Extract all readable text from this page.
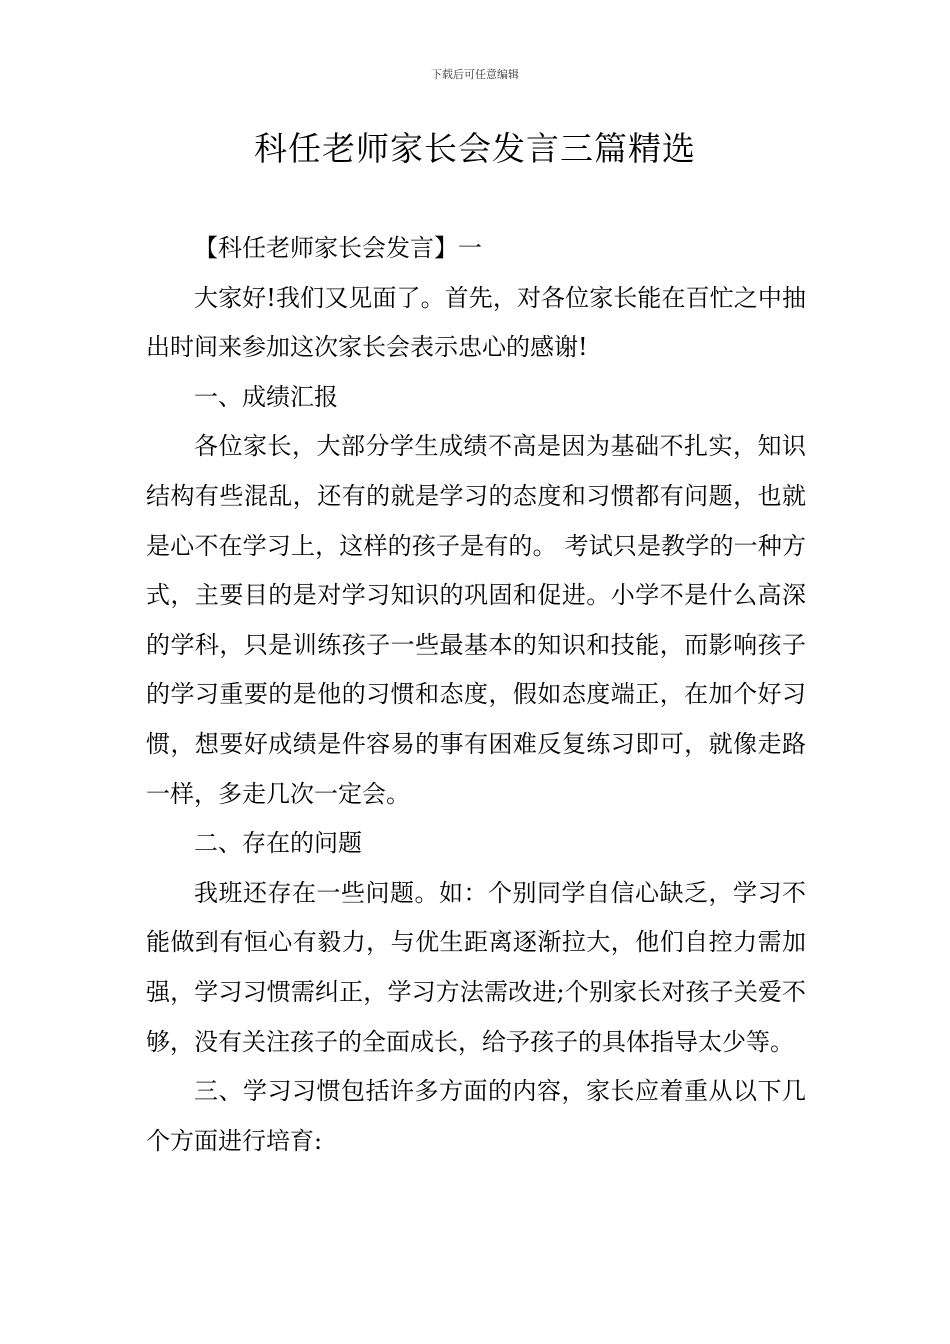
下载后可任意编辑
科任老师家长会发言三篇精选

【科任老师家长会发言】一

大家好!我们又见面了。首先，对各位家长能在百忙之中抽出时间来参加这次家长会表示忠心的感谢!

一、成绩汇报

各位家长，大部分学生成绩不高是因为基础不扎实，知识结构有些混乱，还有的就是学习的态度和习惯都有问题，也就是心不在学习上，这样的孩子是有的。 考试只是教学的一种方式，主要目的是对学习知识的巩固和促进。小学不是什么高深的学科，只是训练孩子一些最基本的知识和技能，而影响孩子的学习重要的是他的习惯和态度，假如态度端正，在加个好习惯，想要好成绩是件容易的事有困难反复练习即可，就像走路一样，多走几次一定会。

二、存在的问题

我班还存在一些问题。如：个别同学自信心缺乏，学习不能做到有恒心有毅力，与优生距离逐渐拉大，他们自控力需加强，学习习惯需纠正，学习方法需改进;个别家长对孩子关爱不够，没有关注孩子的全面成长，给予孩子的具体指导太少等。

三、学习习惯包括许多方面的内容，家长应着重从以下几个方面进行培育:
